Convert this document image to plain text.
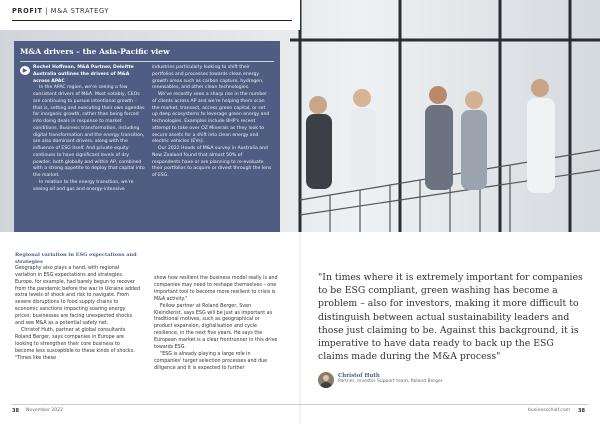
PROFIT | M&A STRATEGY
M&A drivers – the Asia-Pacific view
▶	Rochel Hoffman, M&A Partner, Deloitte Australia outlines the drivers of M&A across APAC

In the APAC region, we're seeing a few consistent drivers of M&A. Most notably, CEOs are continuing to pursue intentional growth – that is, setting and executing their own agendas for inorganic growth, rather than being forced into doing deals in response to market conditions. Business transformation, including digital transformation and the energy transition, are also dominant drivers, along with the influence of ESG itself. And private equity continues to have significant levels of dry powder, both globally and within AP, combined with a strong appetite to deploy that capital into the market.

In relation to the energy transition, we're seeing oil and gas and energy-intensive

industries particularly looking to shift their portfolios and processes towards clean energy growth areas such as carbon capture, hydrogen, renewables, and other clean technologies.

We've recently seen a sharp rise in the number of clients across AP and we're helping them scan the market, transact, access green capital, or set up deep ecosystems to leverage green energy and technologies. Examples include BHP's recent attempt to take over OZ Minerals as they look to secure assets for a shift into clean energy and electric vehicles (EVs).

Our 2022 Heads of M&A survey in Australia and New Zealand found that almost 50% of respondents have or are planning to re-evaluate their portfolios to acquire or divest through the lens of ESG.

Regional variation in ESG expectations and strategies

Geography also plays a hand, with regional variation in ESG expectations and strategies. Europe, for example, had barely begun to recover from the pandemic before the war in Ukraine added extra levels of shock and risk to navigate. From severe disruptions to food supply chains to economic sanctions impacting soaring energy prices; businesses are facing unexpected shocks and see M&A as a potential safety net.

Christof Huth, partner at global consultants Roland Berger, says companies in Europe are looking to strengthen their core business to become less susceptible to these kinds of shocks. "Times like these

show how resilient the business model really is and companies may need to reshape themselves – one important tool to become more resilient to crisis is M&A activity."

Fellow partner at Roland Berger, Sven Kleindienst, says ESG will be just as important as traditional motives, such as geographical or product expansion, digitalisation and cycle resilience, in the next five years. He says the European market is a clear frontrunner in this drive towards ESG.

"ESG is already playing a large role in companies' target selection processes and due diligence and it is expected to further

"In times where it is extremely important for companies to be ESG compliant, green washing has become a problem – also for investors, making it more difficult to distinguish between actual sustainability leaders and those just claiming to be. Against this background, it is imperative to have data ready to back up the ESG claims made during the M&A process"
Christof Huth
Partner, Investor Support team, Roland Berger
38 November 2022	businesschief.com 38
